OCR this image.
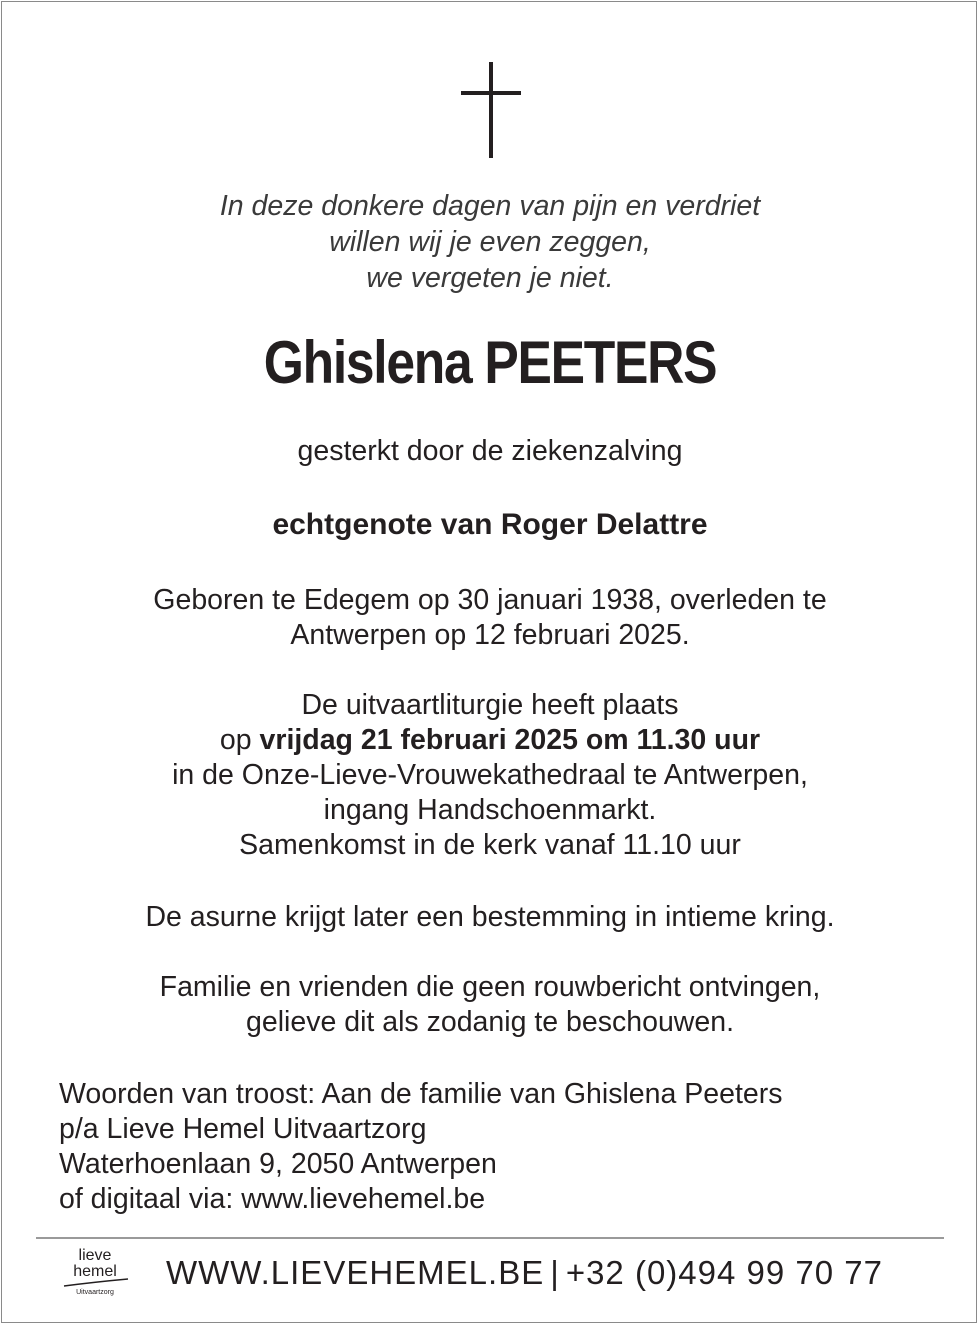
In deze donkere dagen van pijn en verdriet
willen wij je even zeggen,
we vergeten je niet.
Ghislena PEETERS
gesterkt door de ziekenzalving
echtgenote van Roger Delattre
Geboren te Edegem op 30 januari 1938, overleden te
Antwerpen op 12 februari 2025.
De uitvaartliturgie heeft plaats
op vrijdag 21 februari 2025 om 11.30 uur
in de Onze-Lieve-Vrouwekathedraal te Antwerpen,
ingang Handschoenmarkt.
Samenkomst in de kerk vanaf 11.10 uur
De asurne krijgt later een bestemming in intieme kring.
Familie en vrienden die geen rouwbericht ontvingen,
gelieve dit als zodanig te beschouwen.
Woorden van troost: Aan de familie van Ghislena Peeters
p/a Lieve Hemel Uitvaartzorg
Waterhoenlaan 9, 2050 Antwerpen
of digitaal via: www.lievehemel.be
lieve
hemel
Uitvaartzorg
WWW.LIEVEHEMEL.BE | +32 (0)494 99 70 77
